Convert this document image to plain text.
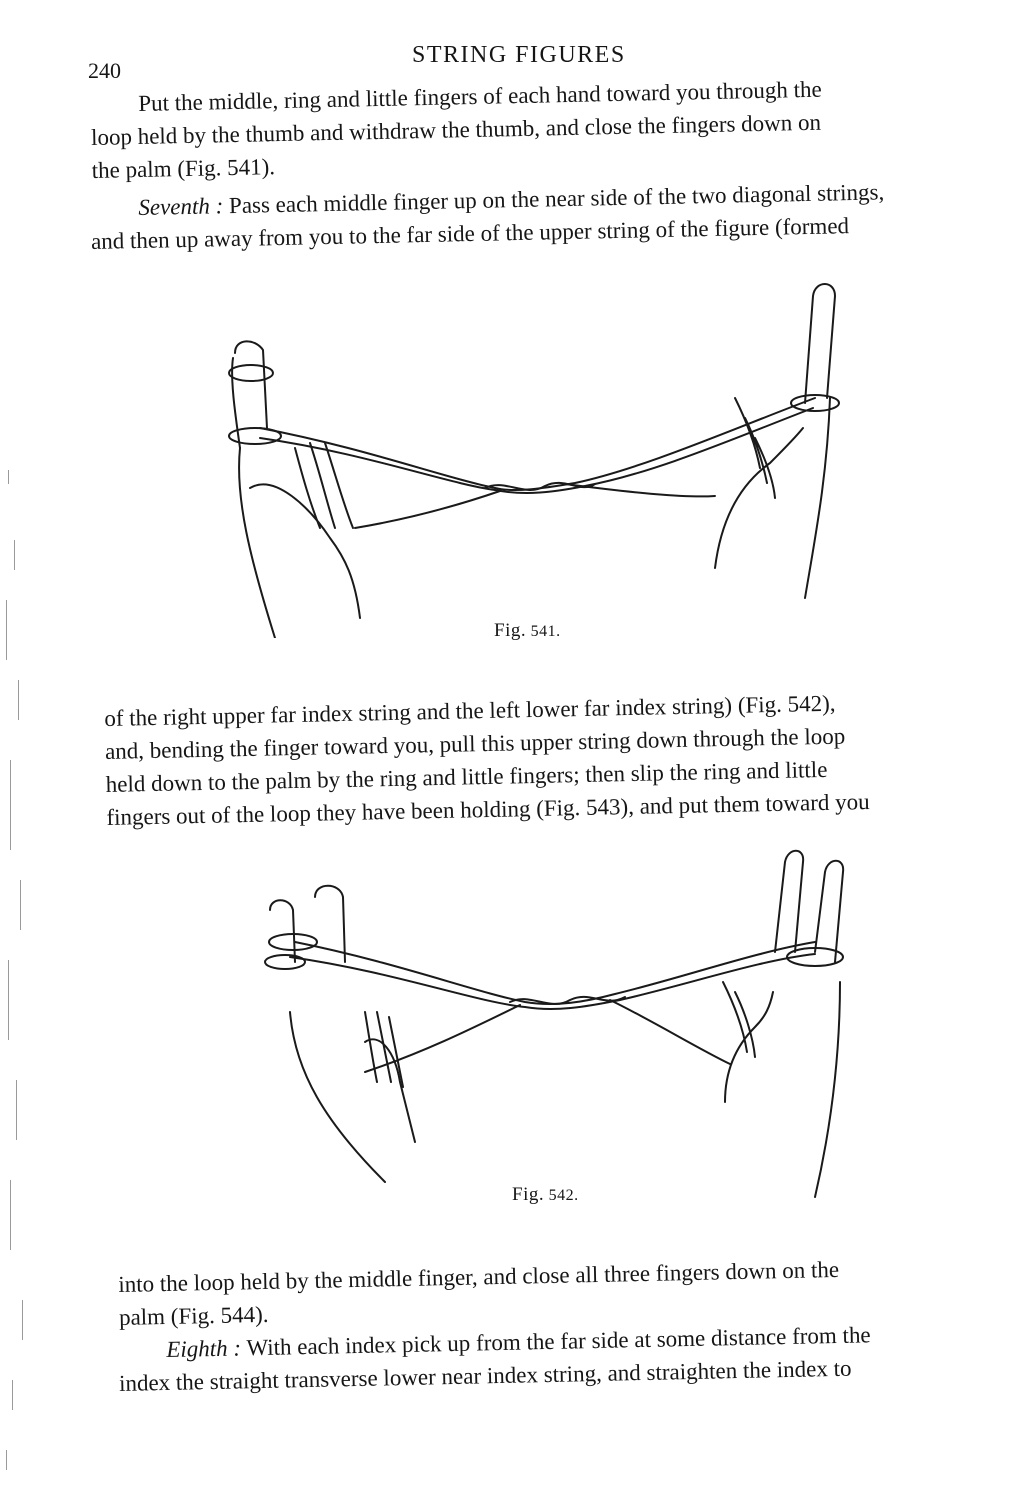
240
STRING FIGURES
Put the middle, ring and little fingers of each hand toward you through the
loop held by the thumb and withdraw the thumb, and close the fingers down on
the palm (Fig. 541).
Seventh : Pass each middle finger up on the near side of the two diagonal strings,
and then up away from you to the far side of the upper string of the figure (formed
Fig. 541.
of the right upper far index string and the left lower far index string) (Fig. 542),
and, bending the finger toward you, pull this upper string down through the loop
held down to the palm by the ring and little fingers; then slip the ring and little
fingers out of the loop they have been holding (Fig. 543), and put them toward you
Fig. 542.
into the loop held by the middle finger, and close all three fingers down on the
palm (Fig. 544).
Eighth : With each index pick up from the far side at some distance from the
index the straight transverse lower near index string, and straighten the index to
